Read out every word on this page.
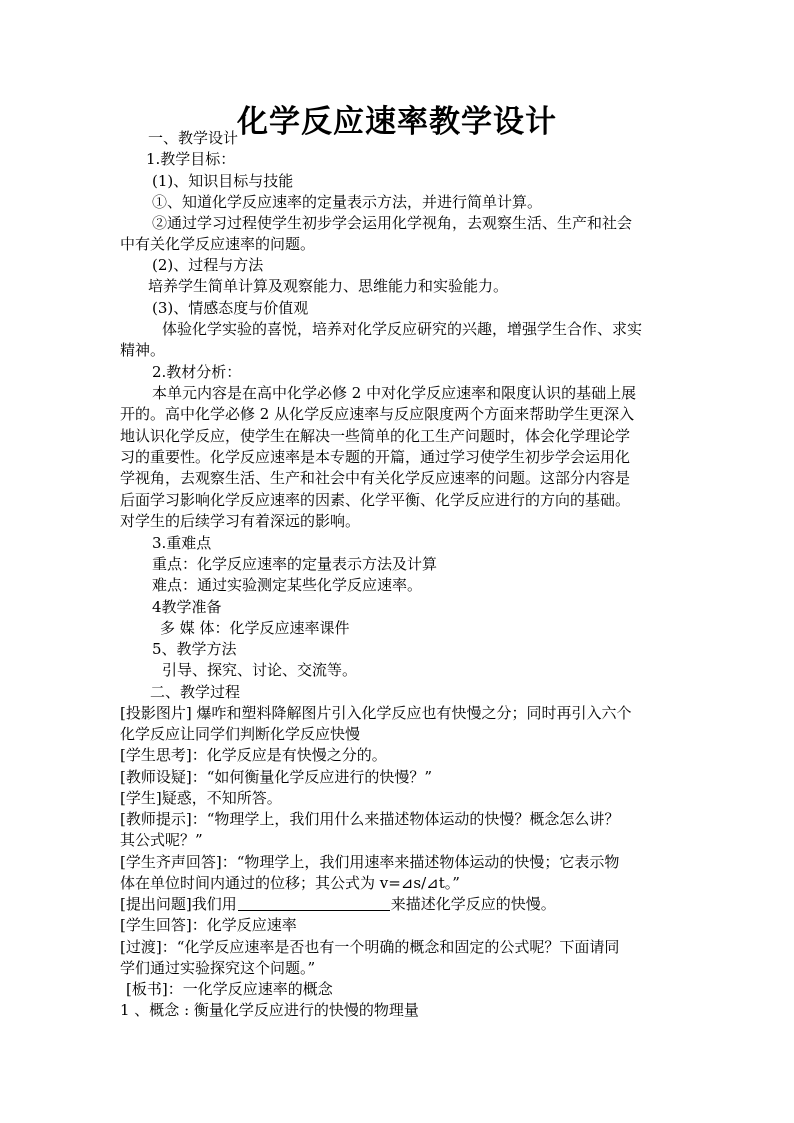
化学反应速率教学设计
一、教学设计
1.教学目标：
(1)、知识目标与技能
①、知道化学反应速率的定量表示方法，并进行简单计算。
②通过学习过程使学生初步学会运用化学视角，去观察生活、生产和社会
中有关化学反应速率的问题。
(2)、过程与方法
培养学生简单计算及观察能力、思维能力和实验能力。
(3)、情感态度与价值观
体验化学实验的喜悦，培养对化学反应研究的兴趣，增强学生合作、求实
精神。
2.教材分析：
本单元内容是在高中化学必修 2 中对化学反应速率和限度认识的基础上展
开的。高中化学必修 2 从化学反应速率与反应限度两个方面来帮助学生更深入
地认识化学反应，使学生在解决一些简单的化工生产问题时，体会化学理论学
习的重要性。化学反应速率是本专题的开篇，通过学习使学生初步学会运用化
学视角，去观察生活、生产和社会中有关化学反应速率的问题。这部分内容是
后面学习影响化学反应速率的因素、化学平衡、化学反应进行的方向的基础。
对学生的后续学习有着深远的影响。
3.重难点
重点：化学反应速率的定量表示方法及计算
难点：通过实验测定某些化学反应速率。
4教学准备
多 媒 体：化学反应速率课件
5、教学方法
引导、探究、讨论、交流等。
二、教学过程
[投影图片] 爆咋和塑料降解图片引入化学反应也有快慢之分；同时再引入六个
化学反应让同学们判断化学反应快慢
[学生思考]：化学反应是有快慢之分的。
[教师设疑]：“如何衡量化学反应进行的快慢？”
[学生]疑惑，不知所答。
[教师提示]：“物理学上，我们用什么来描述物体运动的快慢？概念怎么讲？
其公式呢？”
[学生齐声回答]：“物理学上，我们用速率来描述物体运动的快慢；它表示物
体在单位时间内通过的位移；其公式为 v=⊿s/⊿t。”
[提出问题]我们用	来描述化学反应的快慢。
[学生回答]：化学反应速率
[过渡]：“化学反应速率是否也有一个明确的概念和固定的公式呢？下面请同
学们通过实验探究这个问题。”
[板书]：一化学反应速率的概念
1 、概念 : 衡量化学反应进行的快慢的物理量
